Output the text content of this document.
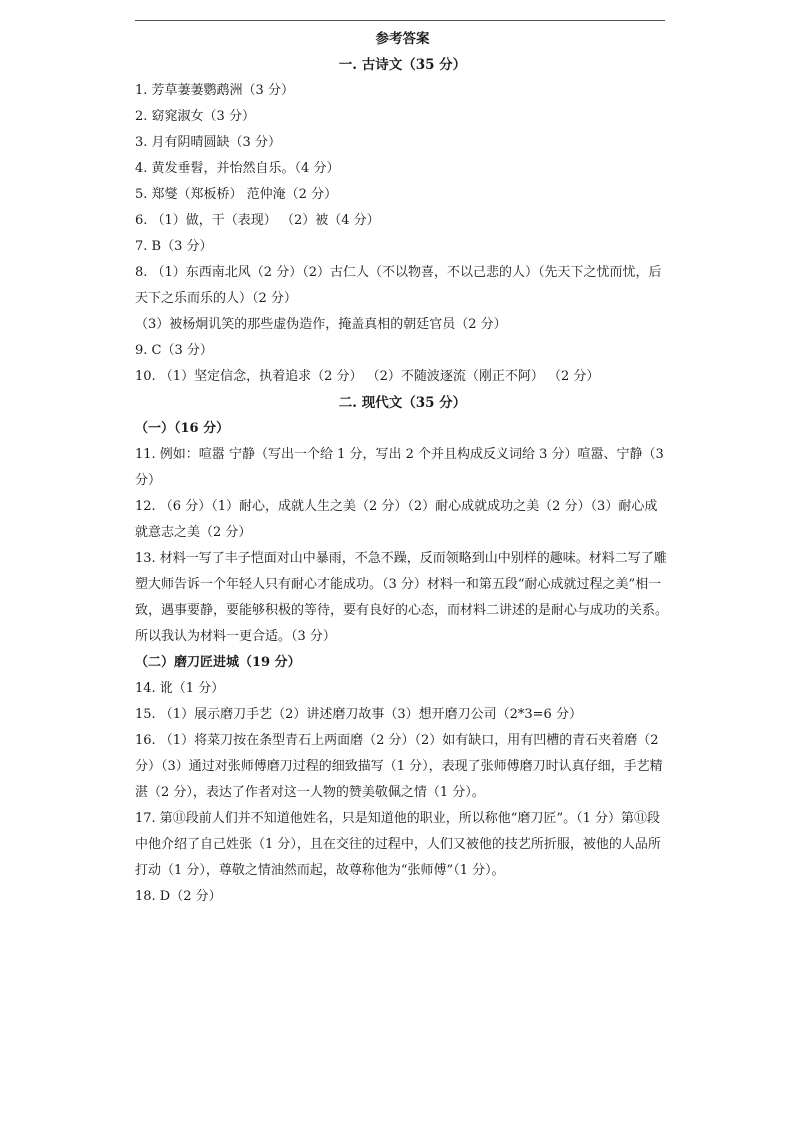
参考答案
一. 古诗文（35 分）
1. 芳草萋萋鹦鹉洲（3 分）
2. 窈窕淑女（3 分）
3. 月有阴晴圆缺（3 分）
4. 黄发垂髫，并怡然自乐。（4 分）
5. 郑燮（郑板桥） 范仲淹（2 分）
6. （1）做，干（表现） （2）被（4 分）
7. B（3 分）
8. （1）东西南北风（2 分）（2）古仁人（不以物喜，不以己悲的人）（先天下之忧而忧，后天下之乐而乐的人）（2 分）
（3）被杨炯讥笑的那些虚伪造作，掩盖真相的朝廷官员（2 分）
9. C（3 分）
10. （1）坚定信念，执着追求（2 分） （2）不随波逐流（刚正不阿） （2 分）
二. 现代文（35 分）
（一）（16 分）
11. 例如：喧嚣 宁静（写出一个给 1 分，写出 2 个并且构成反义词给 3 分）喧嚣、宁静（3 分）
12. （6 分）（1）耐心，成就人生之美（2 分）（2）耐心成就成功之美（2 分）（3）耐心成就意志之美（2 分）
13. 材料一写了丰子恺面对山中暴雨，不急不躁，反而领略到山中别样的趣味。材料二写了雕塑大师告诉一个年轻人只有耐心才能成功。（3 分）材料一和第五段“耐心成就过程之美”相一致，遇事要静，要能够积极的等待，要有良好的心态，而材料二讲述的是耐心与成功的关系。所以我认为材料一更合适。（3 分）
（二）磨刀匠进城（19 分）
14. 讹（1 分）
15. （1）展示磨刀手艺（2）讲述磨刀故事（3）想开磨刀公司（2*3=6 分）
16. （1）将菜刀按在条型青石上两面磨（2 分）（2）如有缺口，用有凹槽的青石夹着磨（2 分）（3）通过对张师傅磨刀过程的细致描写（1 分），表现了张师傅磨刀时认真仔细，手艺精湛（2 分），表达了作者对这一人物的赞美敬佩之情（1 分）。
17. 第⑪段前人们并不知道他姓名，只是知道他的职业，所以称他“磨刀匠”。（1 分）第⑪段中他介绍了自己姓张（1 分），且在交往的过程中，人们又被他的技艺所折服，被他的人品所打动（1 分），尊敬之情油然而起，故尊称他为“张师傅”（1 分）。
18. D（2 分）
